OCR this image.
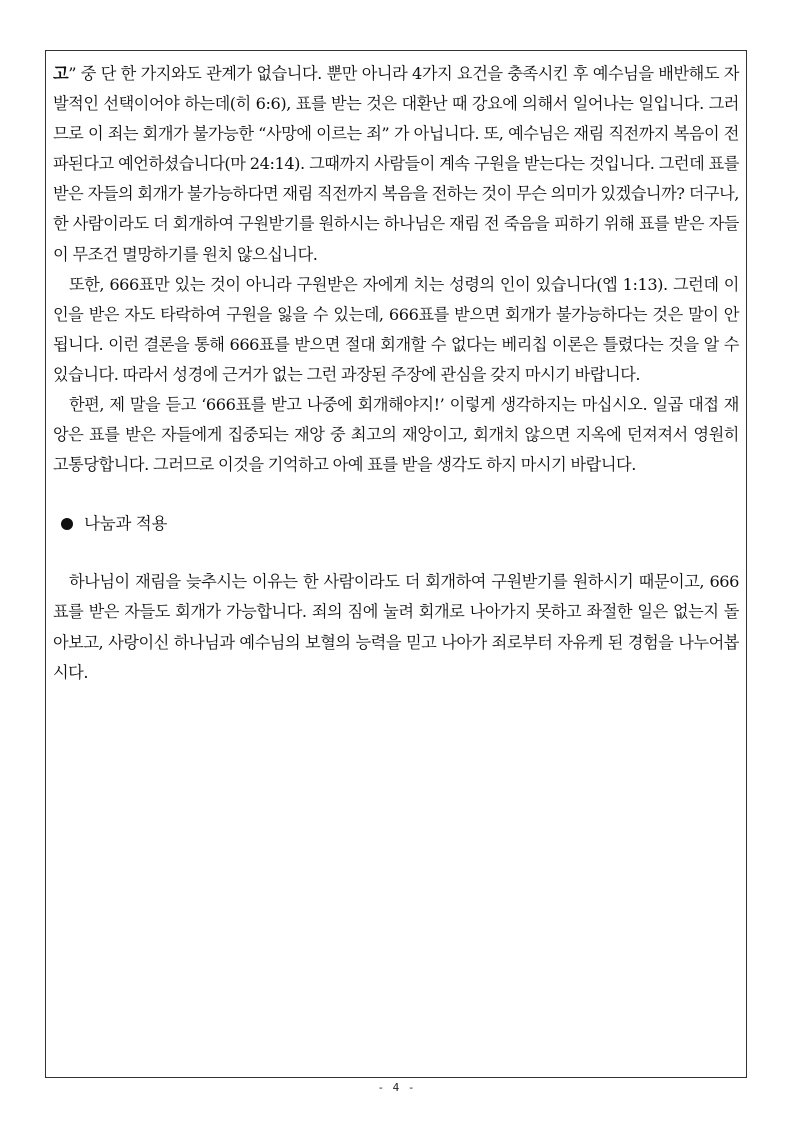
고” 중 단 한 가지와도 관계가 없습니다. 뿐만 아니라 4가지 요건을 충족시킨 후 예수님을 배반해도 자발적인 선택이어야 하는데(히 6:6), 표를 받는 것은 대환난 때 강요에 의해서 일어나는 일입니다. 그러므로 이 죄는 회개가 불가능한 “사망에 이르는 죄” 가 아닙니다. 또, 예수님은 재림 직전까지 복음이 전파된다고 예언하셨습니다(마 24:14). 그때까지 사람들이 계속 구원을 받는다는 것입니다. 그런데 표를 받은 자들의 회개가 불가능하다면 재림 직전까지 복음을 전하는 것이 무슨 의미가 있겠습니까? 더구나, 한 사람이라도 더 회개하여 구원받기를 원하시는 하나님은 재림 전 죽음을 피하기 위해 표를 받은 자들이 무조건 멸망하기를 원치 않으십니다.

또한, 666표만 있는 것이 아니라 구원받은 자에게 치는 성령의 인이 있습니다(엡 1:13). 그런데 이 인을 받은 자도 타락하여 구원을 잃을 수 있는데, 666표를 받으면 회개가 불가능하다는 것은 말이 안 됩니다. 이런 결론을 통해 666표를 받으면 절대 회개할 수 없다는 베리칩 이론은 틀렸다는 것을 알 수 있습니다. 따라서 성경에 근거가 없는 그런 과장된 주장에 관심을 갖지 마시기 바랍니다.

한편, 제 말을 듣고 ‘666표를 받고 나중에 회개해야지!’ 이렇게 생각하지는 마십시오. 일곱 대접 재앙은 표를 받은 자들에게 집중되는 재앙 중 최고의 재앙이고, 회개치 않으면 지옥에 던져져서 영원히 고통당합니다. 그러므로 이것을 기억하고 아예 표를 받을 생각도 하지 마시기 바랍니다.

나눔과 적용

하나님이 재림을 늦추시는 이유는 한 사람이라도 더 회개하여 구원받기를 원하시기 때문이고, 666표를 받은 자들도 회개가 가능합니다. 죄의 짐에 눌려 회개로 나아가지 못하고 좌절한 일은 없는지 돌아보고, 사랑이신 하나님과 예수님의 보혈의 능력을 믿고 나아가 죄로부터 자유케 된 경험을 나누어봅시다.

- 4 -
